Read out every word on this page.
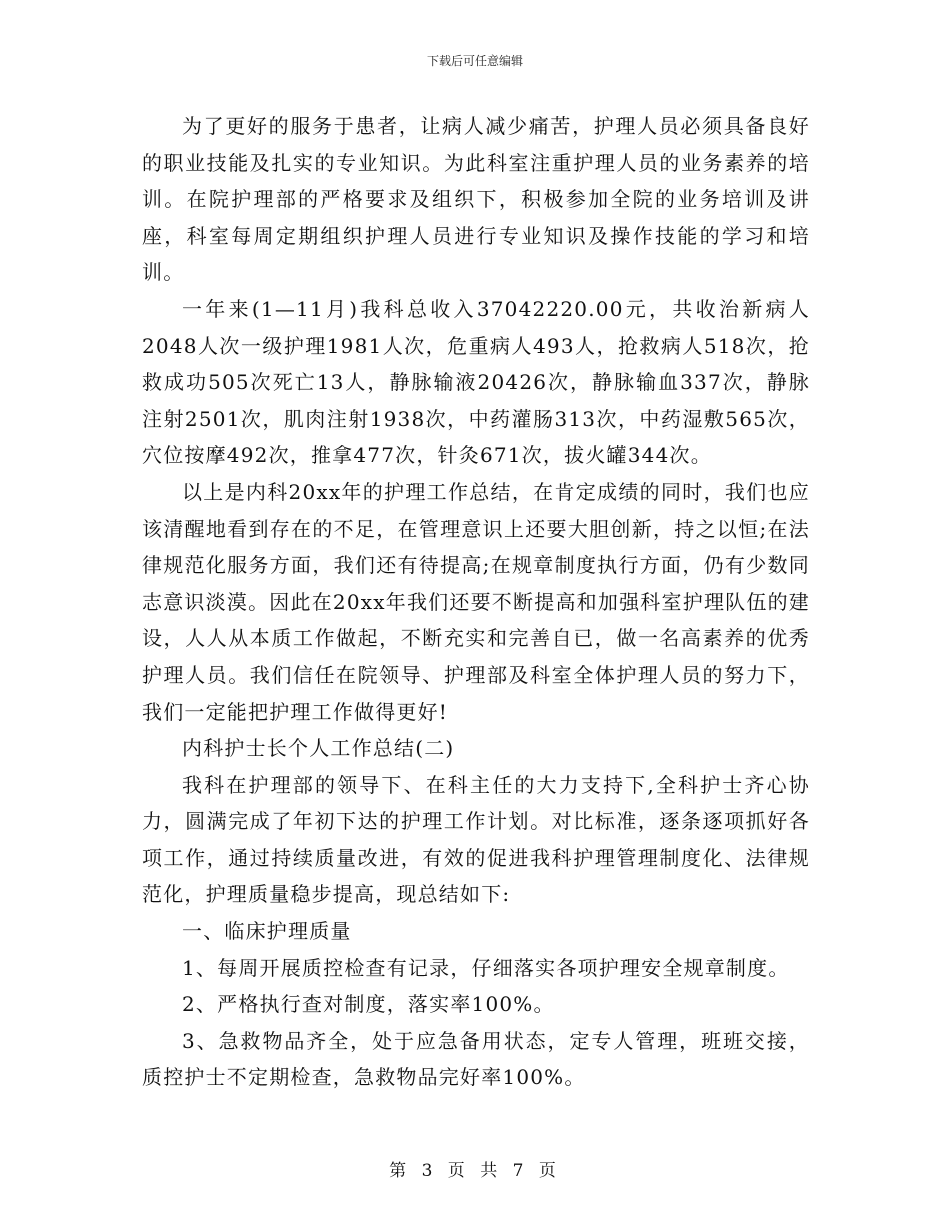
下载后可任意编辑

为了更好的服务于患者，让病人减少痛苦，护理人员必须具备良好的职业技能及扎实的专业知识。为此科室注重护理人员的业务素养的培训。在院护理部的严格要求及组织下，积极参加全院的业务培训及讲座，科室每周定期组织护理人员进行专业知识及操作技能的学习和培训。

一年来(1—11月)我科总收入37042220.00元，共收治新病人2048人次一级护理1981人次，危重病人493人，抢救病人518次，抢救成功505次死亡13人，静脉输液20426次，静脉输血337次，静脉注射2501次，肌肉注射1938次，中药灌肠313次，中药湿敷565次，穴位按摩492次，推拿477次，针灸671次，拔火罐344次。

以上是内科20xx年的护理工作总结，在肯定成绩的同时，我们也应该清醒地看到存在的不足，在管理意识上还要大胆创新，持之以恒;在法律规范化服务方面，我们还有待提高;在规章制度执行方面，仍有少数同志意识淡漠。因此在20xx年我们还要不断提高和加强科室护理队伍的建设，人人从本质工作做起，不断充实和完善自已，做一名高素养的优秀护理人员。我们信任在院领导、护理部及科室全体护理人员的努力下，我们一定能把护理工作做得更好!

内科护士长个人工作总结(二)

我科在护理部的领导下、在科主任的大力支持下,全科护士齐心协力，圆满完成了年初下达的护理工作计划。对比标准，逐条逐项抓好各项工作，通过持续质量改进，有效的促进我科护理管理制度化、法律规范化，护理质量稳步提高，现总结如下:

一、临床护理质量

1、每周开展质控检查有记录，仔细落实各项护理安全规章制度。

2、严格执行查对制度，落实率100%。

3、急救物品齐全，处于应急备用状态，定专人管理，班班交接，质控护士不定期检查，急救物品完好率100%。

第 3 页 共 7 页
